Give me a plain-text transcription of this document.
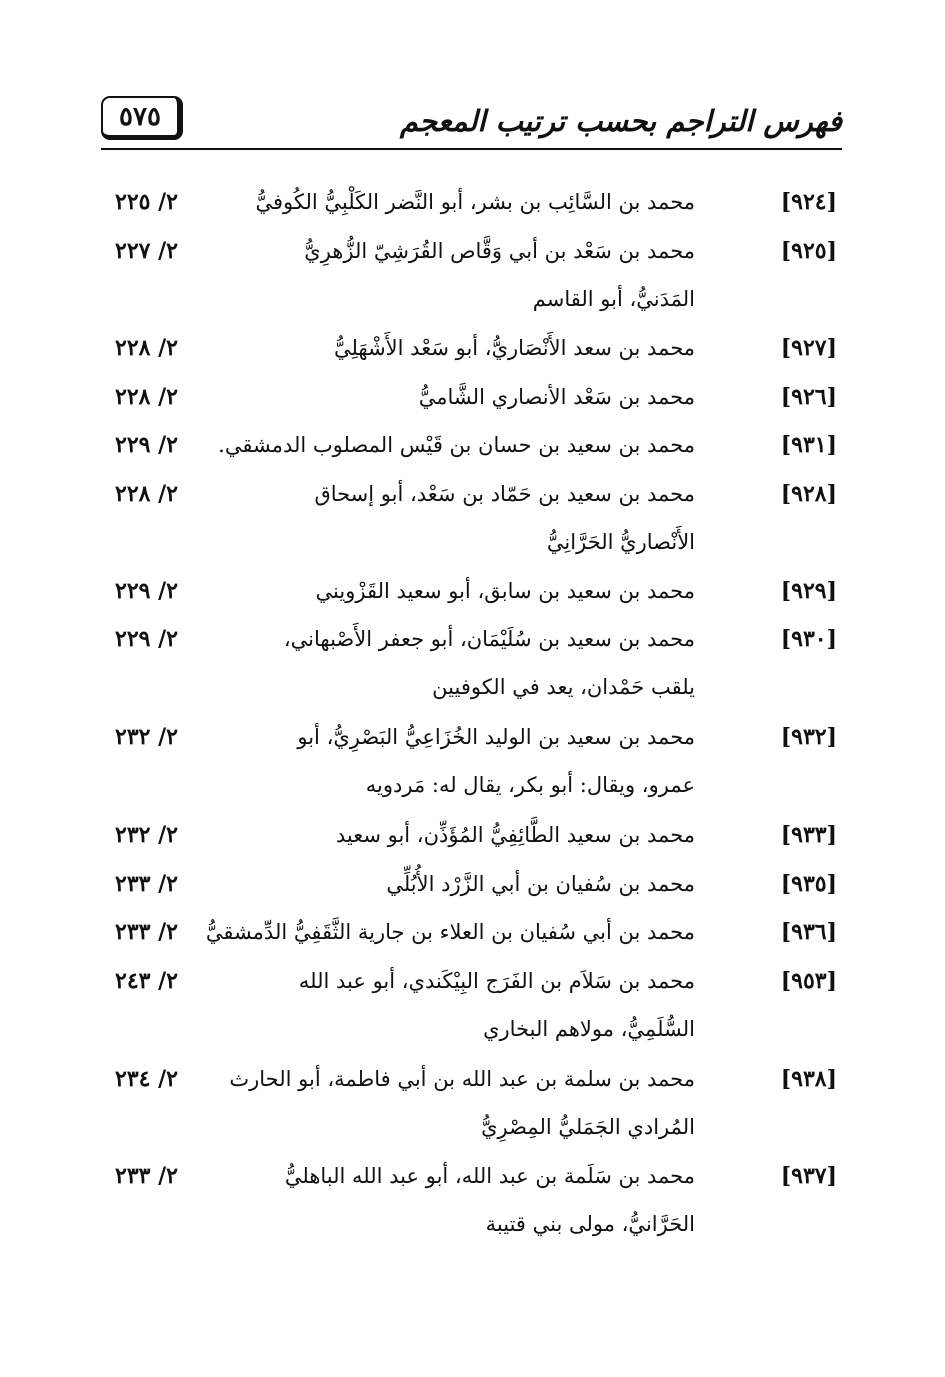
٥٧٥	فهرس التراجم بحسب ترتيب المعجم
[٩٢٤]
محمد بن السَّائِب بن بشر، أبو النَّضر الكَلْبِيُّ الكُوفيُّ
٢/ ٢٢٥
[٩٢٥]
محمد بن سَعْد بن أبي وَقَّاص القُرَشِيّ الزُّهرِيُّ
٢/ ٢٢٧
المَدَنيُّ، أبو القاسم
[٩٢٧]
محمد بن سعد الأَنْصَاريُّ، أبو سَعْد الأَشْهَلِيُّ
٢/ ٢٢٨
[٩٢٦]
محمد بن سَعْد الأنصاري الشَّاميُّ
٢/ ٢٢٨
[٩٣١]
محمد بن سعيد بن حسان بن قَيْس المصلوب الدمشقي.
٢/ ٢٢٩
[٩٢٨]
محمد بن سعيد بن حَمّاد بن سَعْد، أبو إسحاق
٢/ ٢٢٨
الأَنْصاريُّ الحَرَّانِيُّ
[٩٢٩]
محمد بن سعيد بن سابق، أبو سعيد القَزْويني
٢/ ٢٢٩
[٩٣٠]
محمد بن سعيد بن سُلَيْمَان، أبو جعفر الأَصْبهاني،
٢/ ٢٢٩
يلقب حَمْدان، يعد في الكوفيين
[٩٣٢]
محمد بن سعيد بن الوليد الخُزَاعِيُّ البَصْرِيُّ، أبو
٢/ ٢٣٢
عمرو، ويقال: أبو بكر، يقال له: مَردويه
[٩٣٣]
محمد بن سعيد الطَّائِفِيُّ المُؤَذِّن، أبو سعيد
٢/ ٢٣٢
[٩٣٥]
محمد بن سُفيان بن أبي الزَّرْد الأُبُلِّي
٢/ ٢٣٣
[٩٣٦]
محمد بن أبي سُفيان بن العلاء بن جارية الثَّقَفِيُّ الدِّمشقيُّ
٢/ ٢٣٣
[٩٥٣]
محمد بن سَلاَم بن الفَرَج البِيْكَندي، أبو عبد الله
٢/ ٢٤٣
السُّلَمِيُّ، مولاهم البخاري
[٩٣٨]
محمد بن سلمة بن عبد الله بن أبي فاطمة، أبو الحارث
٢/ ٢٣٤
المُرادي الجَمَليُّ المِصْرِيُّ
[٩٣٧]
محمد بن سَلَمة بن عبد الله، أبو عبد الله الباهليُّ
٢/ ٢٣٣
الحَرَّانيُّ، مولى بني قتيبة
